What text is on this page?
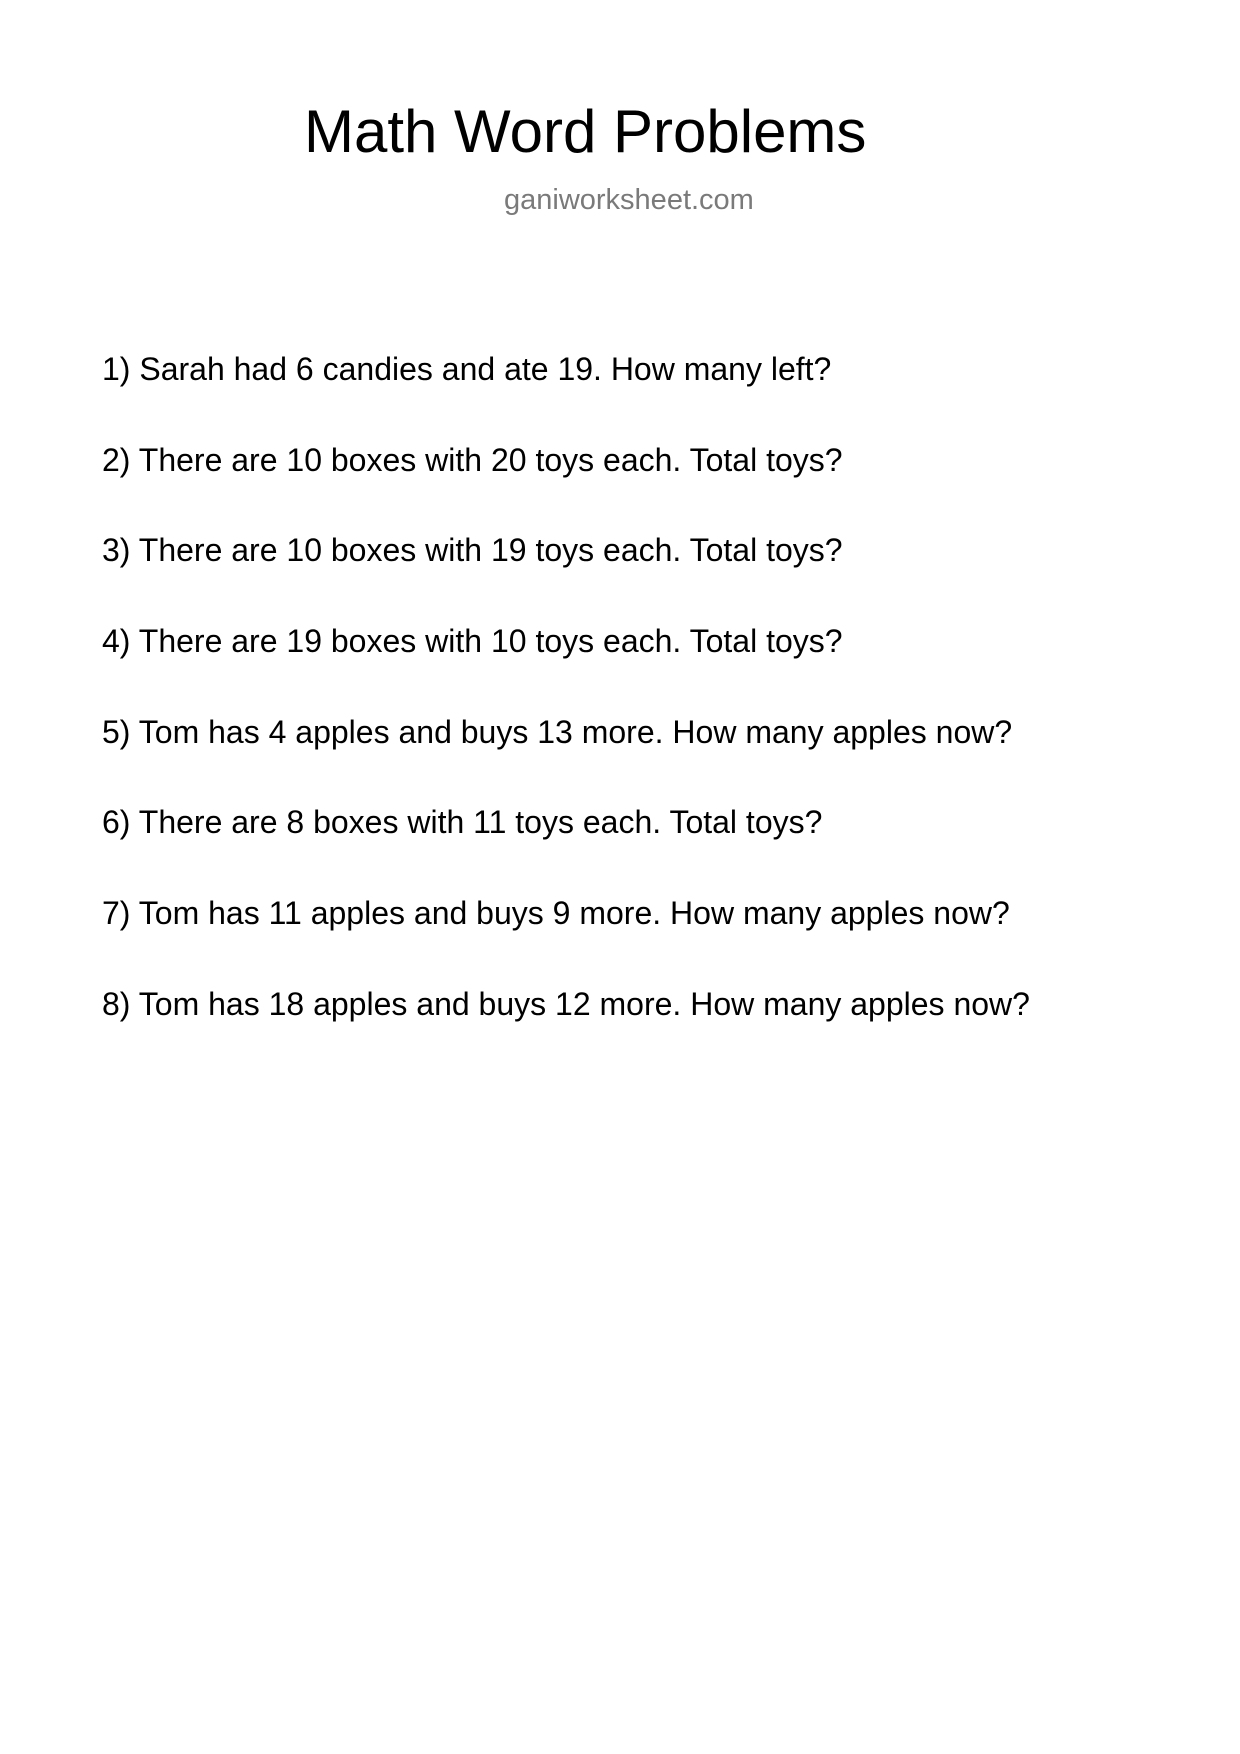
Math Word Problems
ganiworksheet.com
1) Sarah had 6 candies and ate 19. How many left?
2) There are 10 boxes with 20 toys each. Total toys?
3) There are 10 boxes with 19 toys each. Total toys?
4) There are 19 boxes with 10 toys each. Total toys?
5) Tom has 4 apples and buys 13 more. How many apples now?
6) There are 8 boxes with 11 toys each. Total toys?
7) Tom has 11 apples and buys 9 more. How many apples now?
8) Tom has 18 apples and buys 12 more. How many apples now?
